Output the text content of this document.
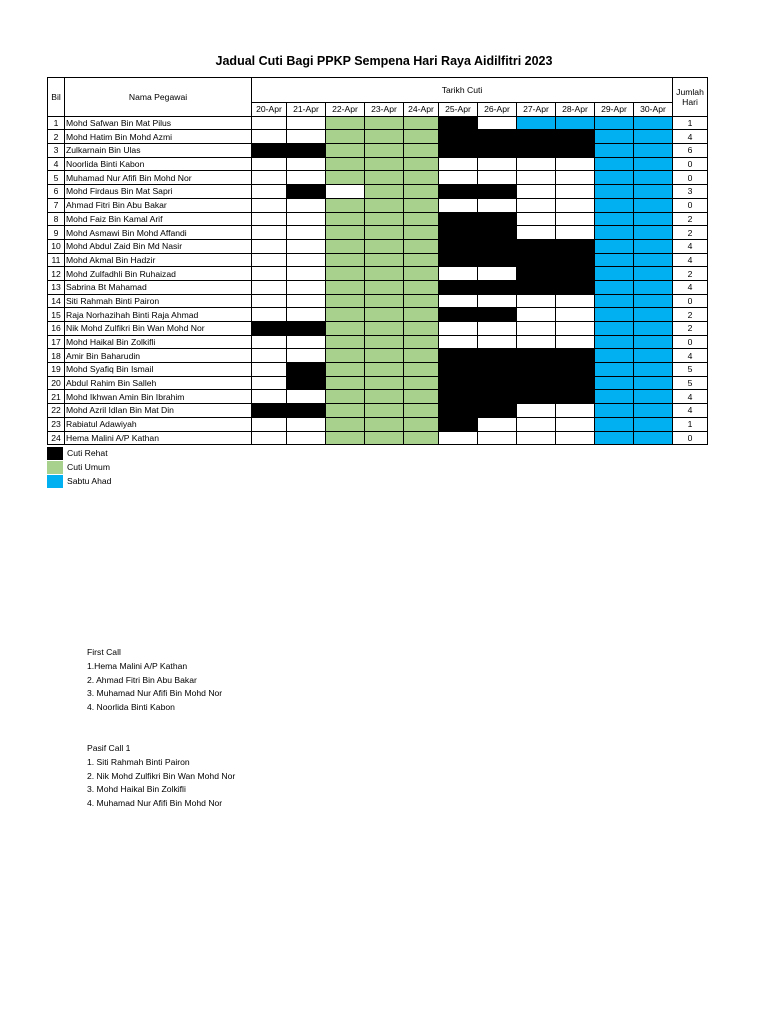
Jadual Cuti Bagi PPKP Sempena Hari Raya Aidilfitri 2023
Bil	Nama Pegawai	Tarikh Cuti											Jumlah
Hari

		20-Apr	21-Apr	22-Apr	23-Apr	24-Apr	25-Apr	26-Apr	27-Apr	28-Apr	29-Apr	30-Apr	
1	Mohd Safwan Bin Mat Pilus												1
2	Mohd Hatim Bin Mohd Azmi												4
3	Zulkarnain Bin Ulas												6
4	Noorlida Binti Kabon												0
5	Muhamad Nur Afifi Bin Mohd Nor												0
6	Mohd Firdaus Bin Mat Sapri												3
7	Ahmad Fitri Bin Abu Bakar												0
8	Mohd Faiz Bin Kamal Arif												2
9	Mohd Asmawi Bin Mohd Affandi												2
10	Mohd Abdul Zaid Bin Md Nasir												4
11	Mohd Akmal Bin Hadzir												4
12	Mohd Zulfadhli Bin Ruhaizad												2
13	Sabrina Bt Mahamad												4
14	Siti Rahmah Binti Pairon												0
15	Raja Norhazihah Binti Raja Ahmad												2
16	Nik Mohd Zulfikri Bin Wan Mohd Nor												2
17	Mohd Haikal Bin Zolkifli												0
18	Amir Bin Baharudin												4
19	Mohd Syafiq Bin Ismail												5
20	Abdul Rahim Bin Salleh												5
21	Mohd Ikhwan Amin Bin Ibrahim												4
22	Mohd Azril Idlan Bin Mat Din												4
23	Rabiatul Adawiyah												1
24	Hema Malini A/P Kathan												0
Cuti Rehat
Cuti Umum
Sabtu Ahad
First Call
1.Hema Malini A/P Kathan
2. Ahmad Fitri Bin Abu Bakar
3. Muhamad Nur Afifi Bin Mohd Nor
4. Noorlida Binti Kabon
Pasif Call 1
1. Siti Rahmah Binti Pairon
2. Nik Mohd Zulfikri Bin Wan Mohd Nor
3. Mohd Haikal Bin Zolkifli
4. Muhamad Nur Afifi Bin Mohd Nor
